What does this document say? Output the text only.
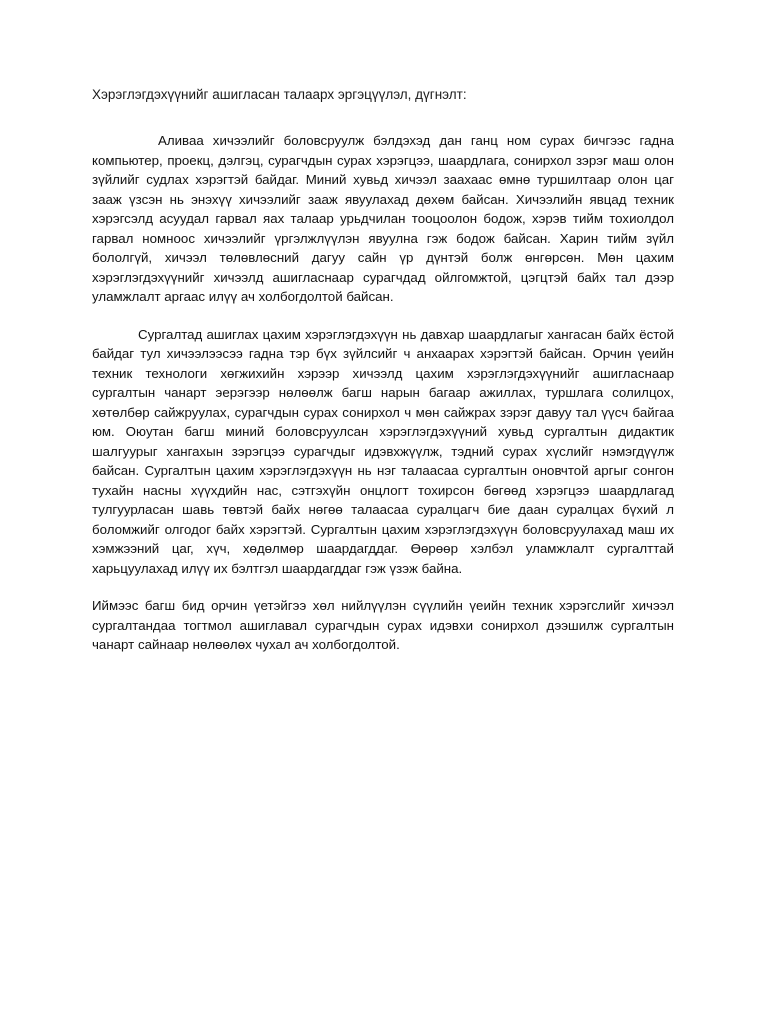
Хэрэглэгдэхүүнийг ашигласан талаарх эргэцүүлэл, дүгнэлт:

Аливаа хичээлийг боловсруулж бэлдэхэд дан ганц ном сурах бичгээс гадна компьютер, проекц, дэлгэц, сурагчдын сурах хэрэгцээ, шаардлага, сонирхол зэрэг маш олон зүйлийг судлах хэрэгтэй байдаг. Миний хувьд хичээл заахаас өмнө туршилтаар олон цаг зааж үзсэн нь энэхүү хичээлийг зааж явуулахад дөхөм байсан. Хичээлийн явцад техник хэрэгсэлд асуудал гарвал яах талаар урьдчилан тооцоолон бодож, хэрэв тийм тохиолдол гарвал номноос хичээлийг үргэлжлүүлэн явуулна гэж бодож байсан. Харин тийм зүйл бололгүй, хичээл төлөвлөсний дагуу сайн үр дүнтэй болж өнгөрсөн. Мөн цахим хэрэглэгдэхүүнийг хичээлд ашигласнаар сурагчдад ойлгомжтой, цэгцтэй байх тал дээр уламжлалт аргаас илүү ач холбогдолтой байсан.

Сургалтад ашиглах цахим хэрэглэгдэхүүн нь давхар шаардлагыг хангасан байх ёстой байдаг тул хичээлээсээ гадна тэр бүх зүйлсийг ч анхаарах хэрэгтэй байсан. Орчин үеийн техник технологи хөгжихийн хэрээр хичээлд цахим хэрэглэгдэхүүнийг ашигласнаар сургалтын чанарт эерэгээр нөлөөлж багш нарын багаар ажиллах, туршлага солилцох, хөтөлбөр сайжруулах, сурагчдын сурах сонирхол ч мөн сайжрах зэрэг давуу тал үүсч байгаа юм. Оюутан багш миний боловсруулсан хэрэглэгдэхүүний хувьд сургалтын дидактик шалгуурыг хангахын зэрэгцээ сурагчдыг идэвхжүүлж, тэдний сурах хүслийг нэмэгдүүлж байсан. Сургалтын цахим хэрэглэгдэхүүн нь нэг талаасаа сургалтын оновчтой аргыг сонгон тухайн насны хүүхдийн нас, сэтгэхүйн онцлогт тохирсон бөгөөд хэрэгцээ шаардлагад тулгуурласан шавь төвтэй байх нөгөө талаасаа суралцагч бие даан суралцах бүхий л боломжийг олгодог байх хэрэгтэй. Сургалтын цахим хэрэглэгдэхүүн боловсруулахад маш их хэмжээний цаг, хүч, хөдөлмөр шаардагддаг. Өөрөөр хэлбэл уламжлалт сургалттай харьцуулахад илүү их бэлтгэл шаардагддаг гэж үзэж байна.

Иймээс багш бид орчин үетэйгээ хөл нийлүүлэн сүүлийн үеийн техник хэрэгслийг хичээл сургалтандаа тогтмол ашиглавал сурагчдын сурах идэвхи сонирхол дээшилж сургалтын чанарт сайнаар нөлөөлөх чухал ач холбогдолтой.
